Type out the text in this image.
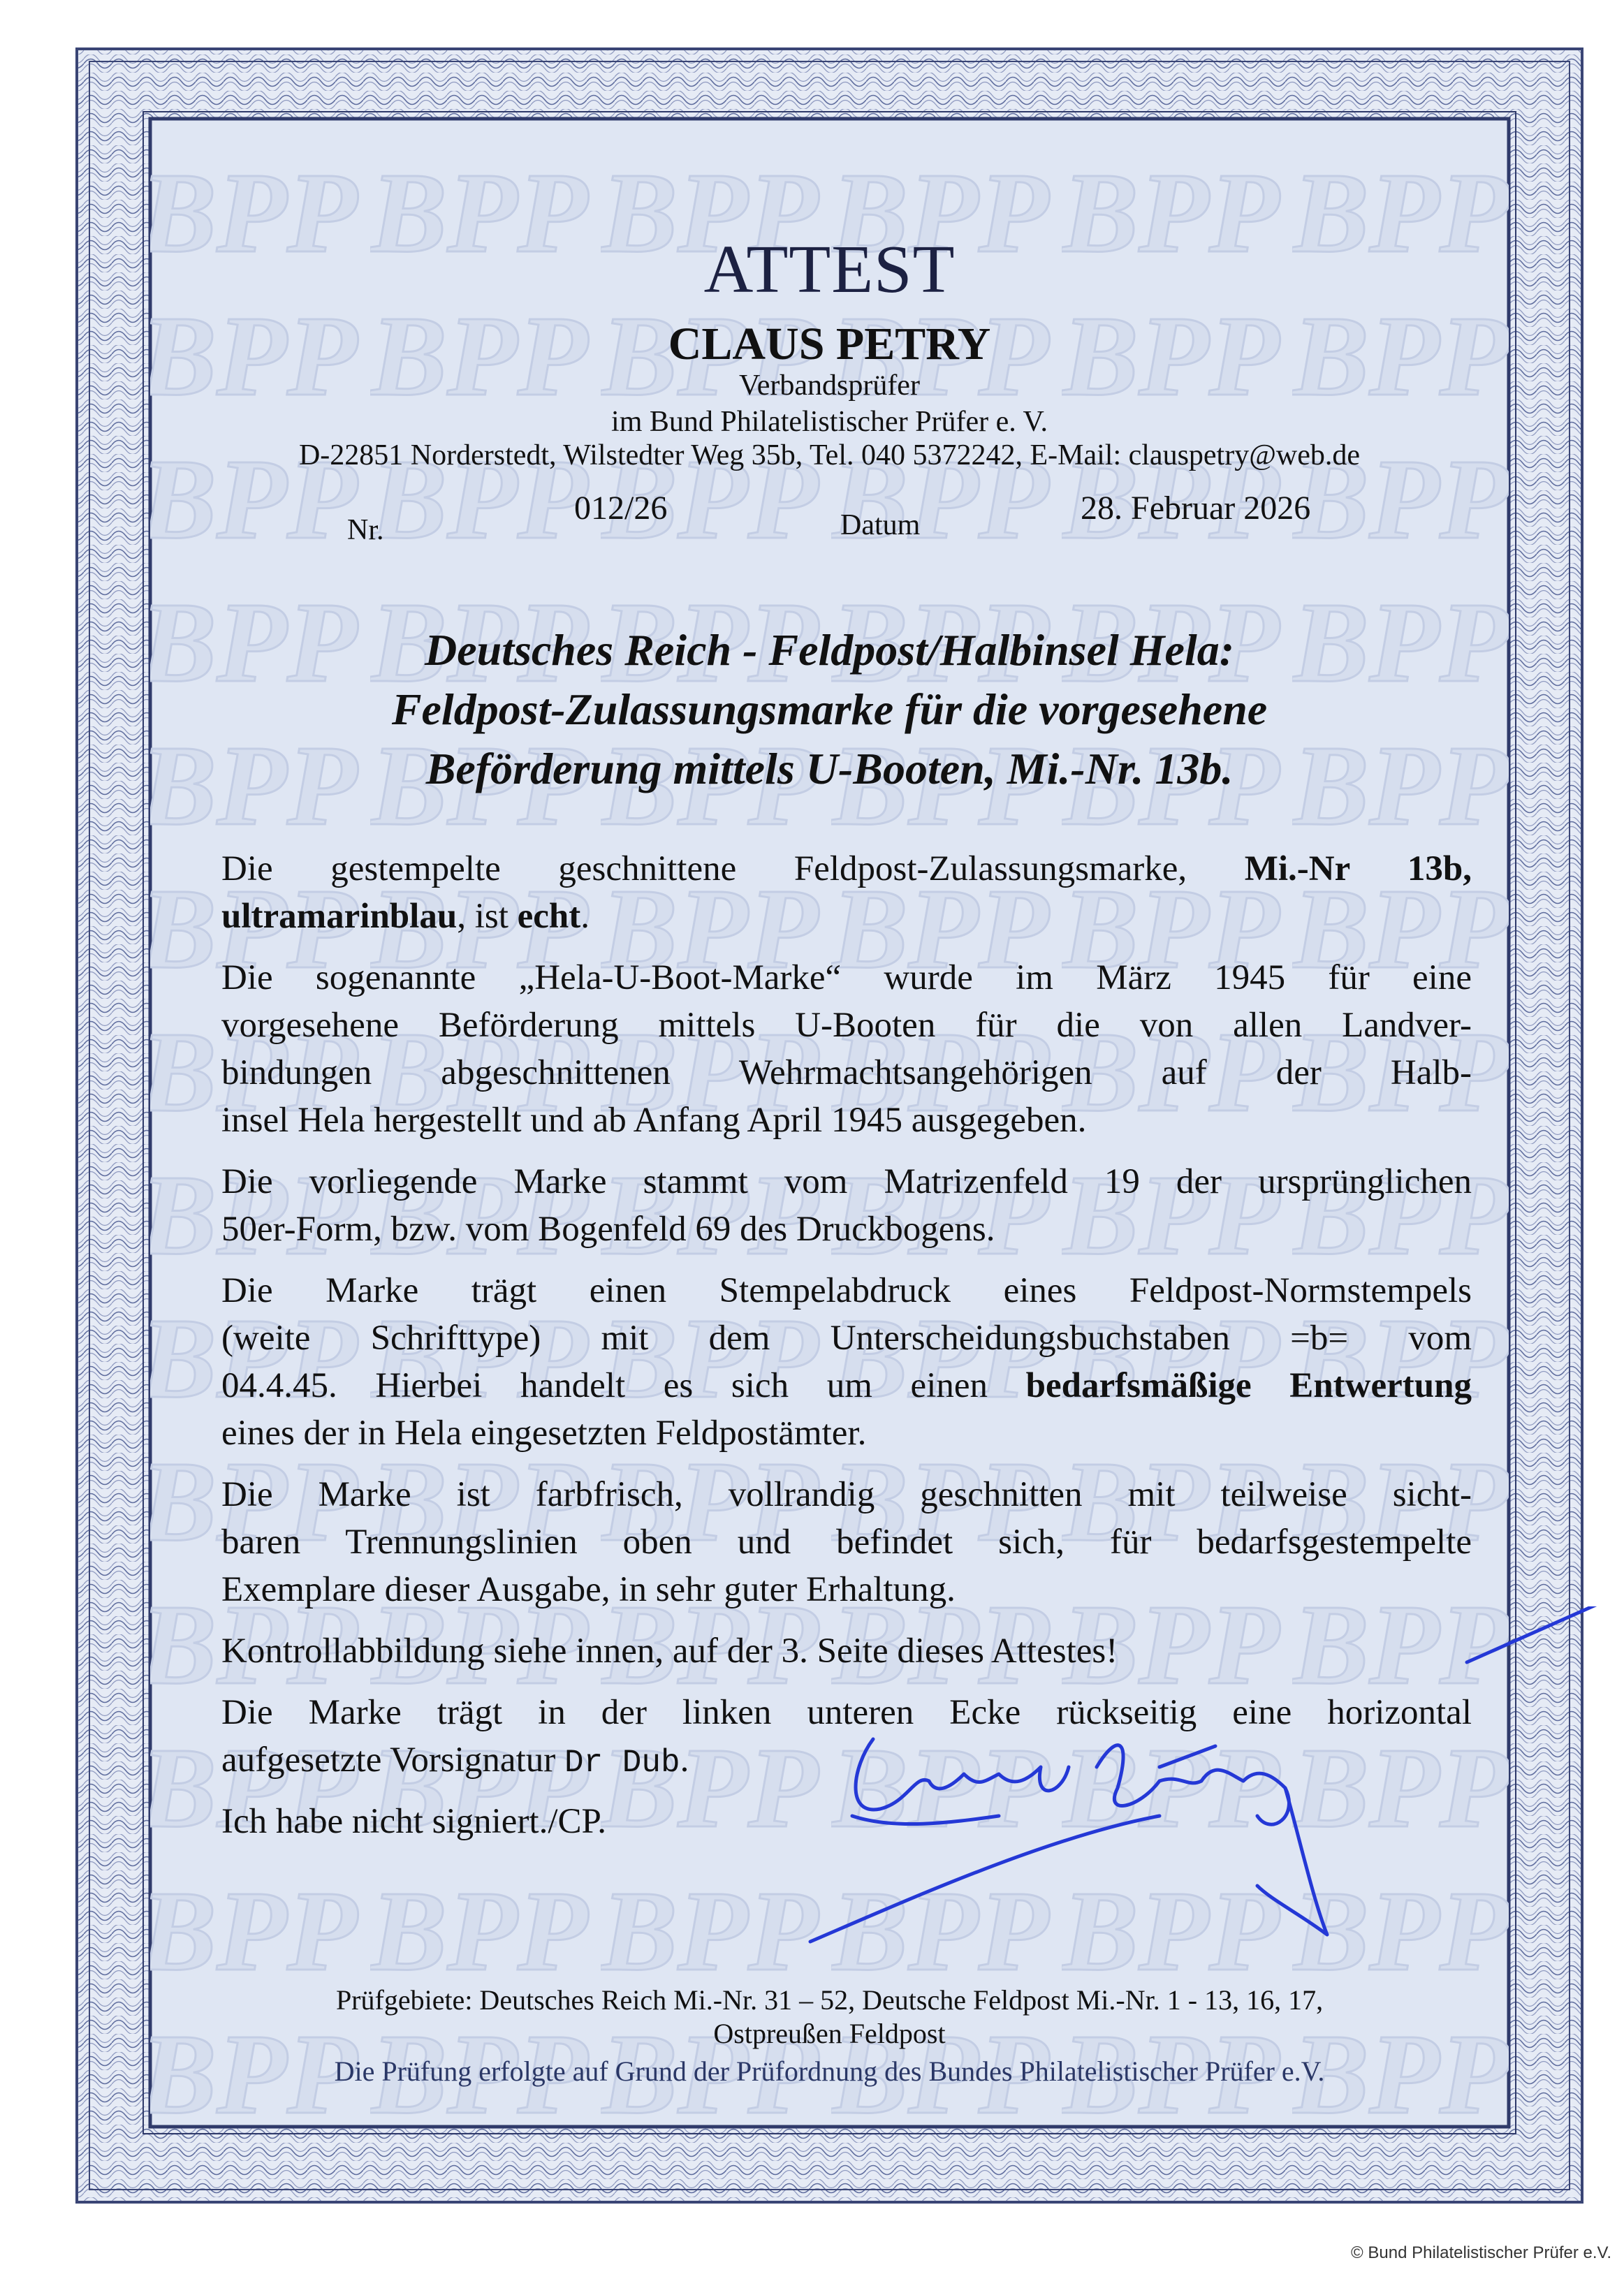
ATTEST
CLAUS PETRY
Verbandsprüfer
im Bund Philatelistischer Prüfer e. V.
D-22851 Norderstedt, Wilstedter Weg 35b, Tel. 040 5372242, E-Mail: clauspetry@web.de
Nr.
012/26	Datum	28. Februar 2026
Deutsches Reich - Feldpost/Halbinsel Hela:
Feldpost-Zulassungsmarke für die vorgesehene
Beförderung mittels U-Booten, Mi.-Nr. 13b.
Die gestempelte geschnittene Feldpost-Zulassungsmarke, Mi.-Nr 13b,
ultramarinblau, ist echt.
Die sogenannte „Hela-U-Boot-Marke“ wurde im März 1945 für eine
vorgesehene Beförderung mittels U-Booten für die von allen Landver-
bindungen abgeschnittenen Wehrmachtsangehörigen auf der Halb-
insel Hela hergestellt und ab Anfang April 1945 ausgegeben.
Die vorliegende Marke stammt vom Matrizenfeld 19 der ursprünglichen
50er-Form, bzw. vom Bogenfeld 69 des Druckbogens.
Die Marke trägt einen Stempelabdruck eines Feldpost-Normstempels
(weite Schrifttype) mit dem Unterscheidungsbuchstaben =b= vom
04.4.45. Hierbei handelt es sich um einen bedarfsmäßige Entwertung
eines der in Hela eingesetzten Feldpostämter.
Die Marke ist farbfrisch, vollrandig geschnitten mit teilweise sicht-
baren Trennungslinien oben und befindet sich, für bedarfsgestempelte
Exemplare dieser Ausgabe, in sehr guter Erhaltung.
Kontrollabbildung siehe innen, auf der 3. Seite dieses Attestes!
Die Marke trägt in der linken unteren Ecke rückseitig eine horizontal
aufgesetzte Vorsignatur Dr Dub.
Ich habe nicht signiert./CP.
Prüfgebiete: Deutsches Reich Mi.-Nr. 31 – 52, Deutsche Feldpost Mi.-Nr. 1 - 13, 16, 17,
Ostpreußen Feldpost
Die Prüfung erfolgte auf Grund der Prüfordnung des Bundes Philatelistischer Prüfer e.V.
© Bund Philatelistischer Prüfer e.V.
